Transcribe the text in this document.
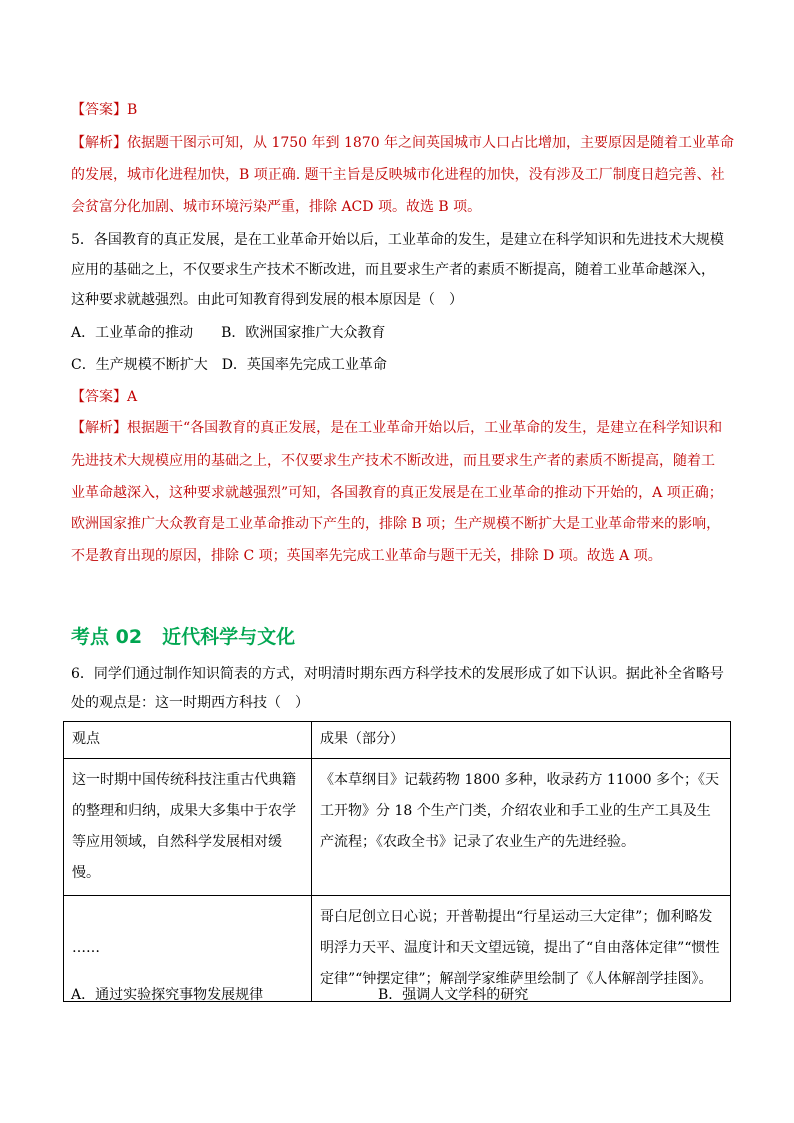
【答案】B
【解析】依据题干图示可知，从 1750 年到 1870 年之间英国城市人口占比增加，主要原因是随着工业革命
的发展，城市化进程加快，B 项正确. 题干主旨是反映城市化进程的加快，没有涉及工厂制度日趋完善、社
会贫富分化加剧、城市环境污染严重，排除 ACD 项。故选 B 项。
5．各国教育的真正发展，是在工业革命开始以后，工业革命的发生，是建立在科学知识和先进技术大规模
应用的基础之上，不仅要求生产技术不断改进，而且要求生产者的素质不断提高，随着工业革命越深入，
这种要求就越强烈。由此可知教育得到发展的根本原因是（　）
A．工业革命的推动　　B．欧洲国家推广大众教育
C．生产规模不断扩大　D．英国率先完成工业革命
【答案】A
【解析】根据题干“各国教育的真正发展，是在工业革命开始以后，工业革命的发生，是建立在科学知识和
先进技术大规模应用的基础之上，不仅要求生产技术不断改进，而且要求生产者的素质不断提高，随着工
业革命越深入，这种要求就越强烈”可知，各国教育的真正发展是在工业革命的推动下开始的，A 项正确；
欧洲国家推广大众教育是工业革命推动下产生的，排除 B 项；生产规模不断扩大是工业革命带来的影响，
不是教育出现的原因，排除 C 项；英国率先完成工业革命与题干无关，排除 D 项。故选 A 项。
考点 02 近代科学与文化
6．同学们通过制作知识简表的方式，对明清时期东西方科学技术的发展形成了如下认识。据此补全省略号
处的观点是：这一时期西方科技（　）
观点	成果（部分）
这一时期中国传统科技注重古代典籍的整理和归纳，成果大多集中于农学等应用领域，自然科学发展相对缓慢。	《本草纲目》记载药物 1800 多种，收录药方 11000 多个；《天工开物》分 18 个生产门类，介绍农业和手工业的生产工具及生产流程；《农政全书》记录了农业生产的先进经验。
……	哥白尼创立日心说；开普勒提出“行星运动三大定律”；伽利略发明浮力天平、温度计和天文望远镜，提出了“自由落体定律”“惯性定律”“钟摆定律”；解剖学家维萨里绘制了《人体解剖学挂图》。
A．通过实验探究事物发展规律	B．强调人文学科的研究
